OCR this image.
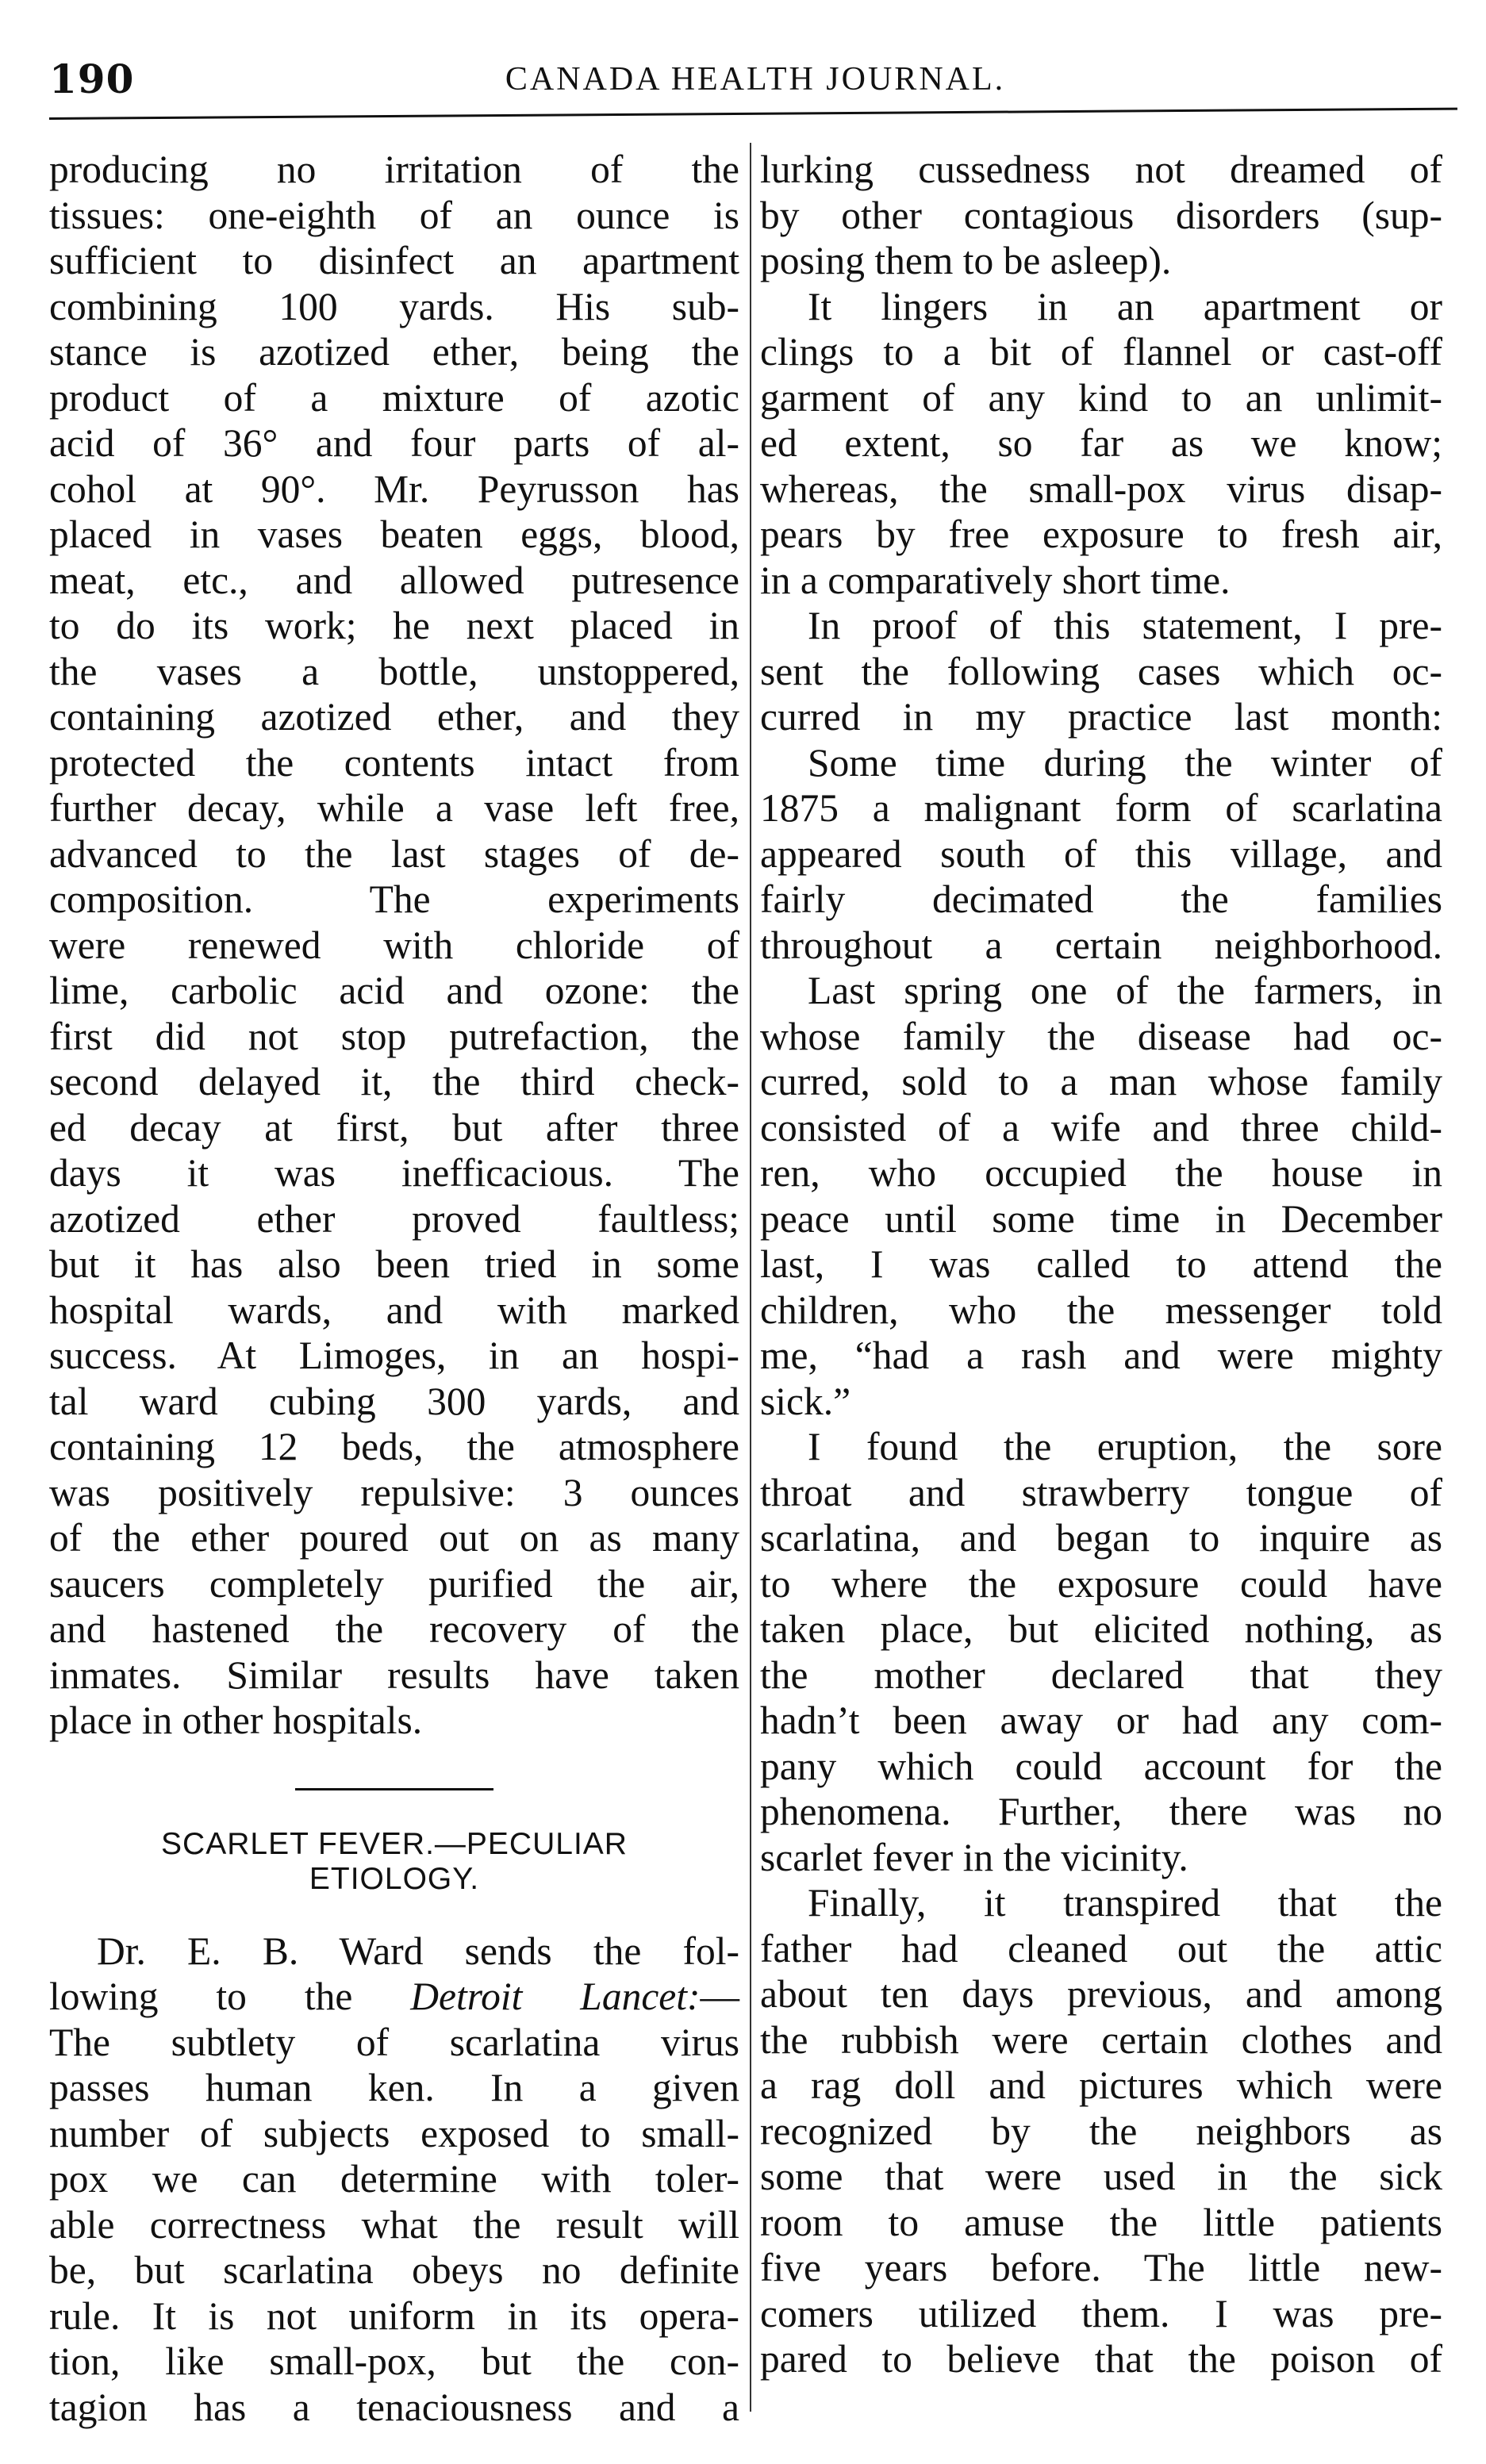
190	CANADA HEALTH JOURNAL.
producing no irritation of the
tissues: one-eighth of an ounce is
sufficient to disinfect an apartment
combining 100 yards. His sub-
stance is azotized ether, being the
product of a mixture of azotic
acid of 36° and four parts of al-
cohol at 90°. Mr. Peyrusson has
placed in vases beaten eggs, blood,
meat, etc., and allowed putresence
to do its work; he next placed in
the vases a bottle, unstoppered,
containing azotized ether, and they
protected the contents intact from
further decay, while a vase left free,
advanced to the last stages of de-
composition. The experiments
were renewed with chloride of
lime, carbolic acid and ozone: the
first did not stop putrefaction, the
second delayed it, the third check-
ed decay at first, but after three
days it was inefficacious. The
azotized ether proved faultless;
but it has also been tried in some
hospital wards, and with marked
success. At Limoges, in an hospi-
tal ward cubing 300 yards, and
containing 12 beds, the atmosphere
was positively repulsive: 3 ounces
of the ether poured out on as many
saucers completely purified the air,
and hastened the recovery of the
inmates. Similar results have taken
place in other hospitals.
SCARLET FEVER.—PECULIAR
ETIOLOGY.
Dr. E. B. Ward sends the fol-
lowing to the Detroit Lancet:—
The subtlety of scarlatina virus
passes human ken. In a given
number of subjects exposed to small-
pox we can determine with toler-
able correctness what the result will
be, but scarlatina obeys no definite
rule. It is not uniform in its opera-
tion, like small-pox, but the con-
tagion has a tenaciousness and a
lurking cussedness not dreamed of
by other contagious disorders (sup-
posing them to be asleep).
It lingers in an apartment or
clings to a bit of flannel or cast-off
garment of any kind to an unlimit-
ed extent, so far as we know;
whereas, the small-pox virus disap-
pears by free exposure to fresh air,
in a comparatively short time.
In proof of this statement, I pre-
sent the following cases which oc-
curred in my practice last month:
Some time during the winter of
1875 a malignant form of scarlatina
appeared south of this village, and
fairly decimated the families
throughout a certain neighborhood.
Last spring one of the farmers, in
whose family the disease had oc-
curred, sold to a man whose family
consisted of a wife and three child-
ren, who occupied the house in
peace until some time in December
last, I was called to attend the
children, who the messenger told
me, “had a rash and were mighty
sick.”
I found the eruption, the sore
throat and strawberry tongue of
scarlatina, and began to inquire as
to where the exposure could have
taken place, but elicited nothing, as
the mother declared that they
hadn’t been away or had any com-
pany which could account for the
phenomena. Further, there was no
scarlet fever in the vicinity.
Finally, it transpired that the
father had cleaned out the attic
about ten days previous, and among
the rubbish were certain clothes and
a rag doll and pictures which were
recognized by the neighbors as
some that were used in the sick
room to amuse the little patients
five years before. The little new-
comers utilized them. I was pre-
pared to believe that the poison of
